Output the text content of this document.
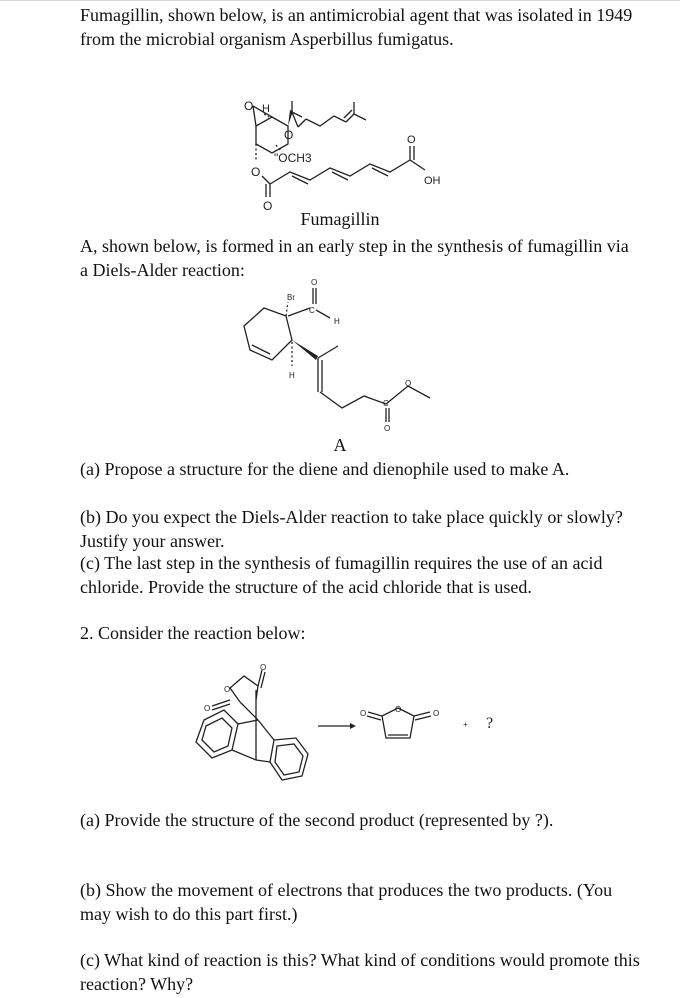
Fumagillin, shown below, is an antimicrobial agent that was isolated in 1949 from the microbial organism Asperbillus fumigatus.

O H
O
"OCH3
O
O
O
OH

Fumagillin

A, shown below, is formed in an early step in the synthesis of fumagillin via a Diels-Alder reaction:

Br
C
O
H
H
C
O
O

A

(a) Propose a structure for the diene and dienophile used to make A.

(b) Do you expect the Diels-Alder reaction to take place quickly or slowly? Justify your answer.

(c) The last step in the synthesis of fumagillin requires the use of an acid chloride. Provide the structure of the acid chloride that is used.

2. Consider the reaction below:

O
O
O	O
O	O
+ ?

(a) Provide the structure of the second product (represented by ?).

(b) Show the movement of electrons that produces the two products. (You may wish to do this part first.)

(c) What kind of reaction is this? What kind of conditions would promote this reaction? Why?
